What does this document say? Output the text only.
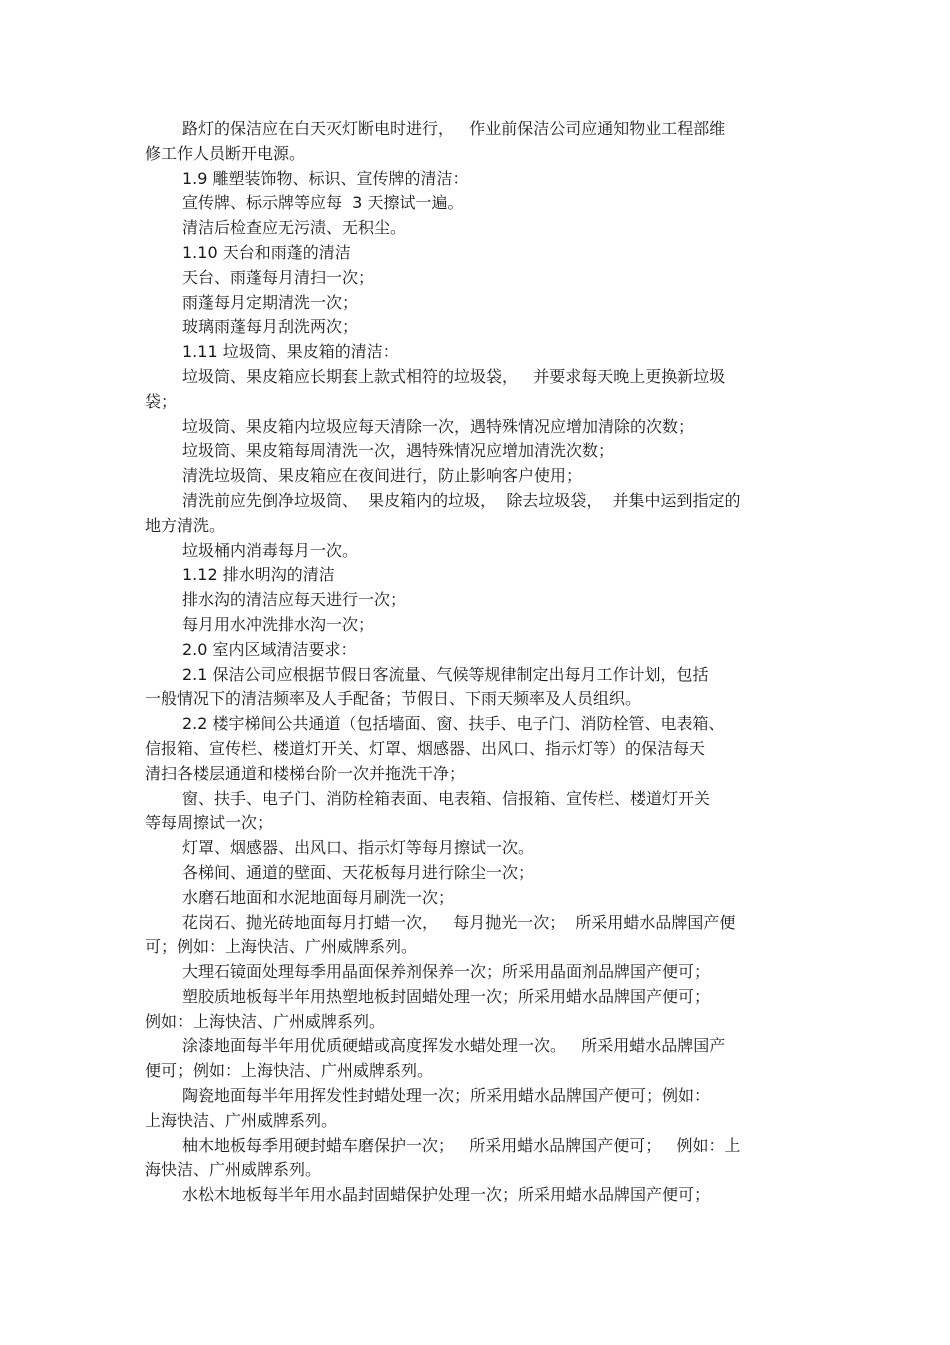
路灯的保洁应在白天灭灯断电时进行，   作业前保洁公司应通知物业工程部维
修工作人员断开电源。
1.9 雕塑装饰物、标识、宣传牌的清洁：
宣传牌、标示牌等应每  3 天擦试一遍。
清洁后检查应无污渍、无积尘。
1.10 天台和雨蓬的清洁
天台、雨蓬每月清扫一次；
雨蓬每月定期清洗一次；
玻璃雨蓬每月刮洗两次；
1.11 垃圾筒、果皮箱的清洁：
垃圾筒、果皮箱应长期套上款式相符的垃圾袋，   并要求每天晚上更换新垃圾
袋；
垃圾筒、果皮箱内垃圾应每天清除一次，遇特殊情况应增加清除的次数；
垃圾筒、果皮箱每周清洗一次，遇特殊情况应增加清洗次数；
清洗垃圾筒、果皮箱应在夜间进行，防止影响客户使用；
清洗前应先倒净垃圾筒、  果皮箱内的垃圾，  除去垃圾袋，  并集中运到指定的
地方清洗。
垃圾桶内消毒每月一次。
1.12 排水明沟的清洁
排水沟的清洁应每天进行一次；
每月用水冲洗排水沟一次；
2.0 室内区域清洁要求：
2.1 保洁公司应根据节假日客流量、气候等规律制定出每月工作计划，包括
一般情况下的清洁频率及人手配备；节假日、下雨天频率及人员组织。
2.2 楼宇梯间公共通道（包括墙面、窗、扶手、电子门、消防栓管、电表箱、
信报箱、宣传栏、楼道灯开关、灯罩、烟感器、出风口、指示灯等）的保洁每天
清扫各楼层通道和楼梯台阶一次并拖洗干净；
窗、扶手、电子门、消防栓箱表面、电表箱、信报箱、宣传栏、楼道灯开关
等每周擦试一次；
灯罩、烟感器、出风口、指示灯等每月擦试一次。
各梯间、通道的壁面、天花板每月进行除尘一次；
水磨石地面和水泥地面每月刷洗一次；
花岗石、抛光砖地面每月打蜡一次，   每月抛光一次；  所采用蜡水品牌国产便
可；例如：上海快洁、广州威牌系列。
大理石镜面处理每季用晶面保养剂保养一次；所采用晶面剂品牌国产便可；
塑胶质地板每半年用热塑地板封固蜡处理一次；所采用蜡水品牌国产便可；
例如：上海快洁、广州威牌系列。
涂漆地面每半年用优质硬蜡或高度挥发水蜡处理一次。   所采用蜡水品牌国产
便可；例如：上海快洁、广州威牌系列。
陶瓷地面每半年用挥发性封蜡处理一次；所采用蜡水品牌国产便可；例如：
上海快洁、广州威牌系列。
柚木地板每季用硬封蜡车磨保护一次；   所采用蜡水品牌国产便可；   例如：上
海快洁、广州威牌系列。
水松木地板每半年用水晶封固蜡保护处理一次；所采用蜡水品牌国产便可；
